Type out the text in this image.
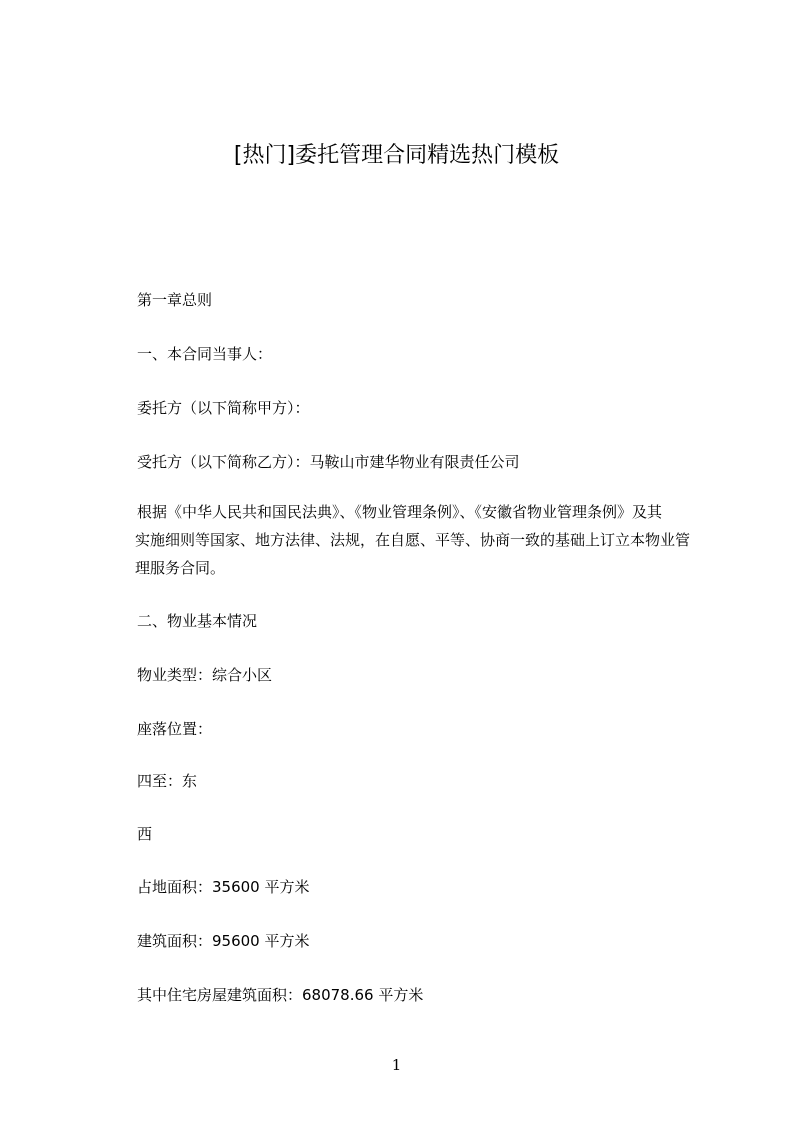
[热门]委托管理合同精选热门模板
第一章总则
一、本合同当事人：
委托方（以下简称甲方）：
受托方（以下简称乙方）：马鞍山市建华物业有限责任公司
根据《中华人民共和国民法典》、《物业管理条例》、《安徽省物业管理条例》及其
实施细则等国家、地方法律、法规，在自愿、平等、协商一致的基础上订立本物业管
理服务合同。
二、物业基本情况
物业类型：综合小区
座落位置：
四至：东
西
占地面积：35600 平方米
建筑面积：95600 平方米
其中住宅房屋建筑面积：68078.66 平方米
1
